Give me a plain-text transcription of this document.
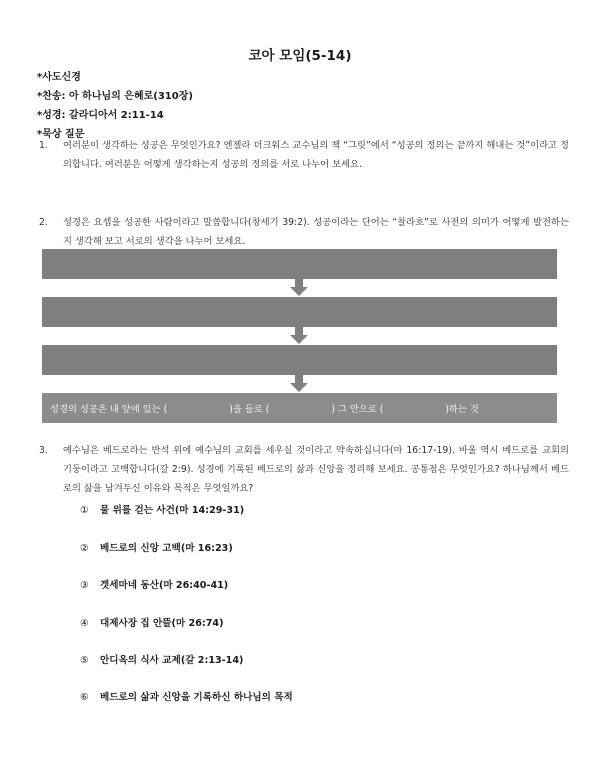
코아 모임(5-14)
*사도신경
*찬송: 아 하나님의 은혜로(310장)
*성경: 갈라디아서 2:11-14
*묵상 질문
1. 여러분이 생각하는 성공은 무엇인가요? 엔젤라 더크워스 교수님의 책 “그릿”에서 “성공의 정의는 끝까지 해내는 것”이라고 정의합니다. 여러분은 어떻게 생각하는지 성공의 정의를 서로 나누어 보세요.
2. 성경은 요셉을 성공한 사람이라고 말씀합니다(창세기 39:2). 성공이라는 단어는 “찰라흐”로 사전의 의미가 어떻게 발전하는지 생각해 보고 서로의 생각을 나누어 보세요.
성경의 성공은 내 앞에 있는 (	)을 들로 (	) 그 안으로 (	)하는 것
3. 예수님은 베드로라는 반석 위에 예수님의 교회를 세우실 것이라고 약속하십니다(마 16:17-19). 바울 역시 베드로를 교회의 기둥이라고 고백합니다(갈 2:9). 성경에 기록된 베드로의 삶과 신앙을 정리해 보세요. 공통점은 무엇인가요? 하나님께서 베드로의 삶을 남겨두신 이유와 목적은 무엇일까요?
① 물 위를 걷는 사건(마 14:29-31)
② 베드로의 신앙 고백(마 16:23)
③ 겟세마네 동산(마 26:40-41)
④ 대제사장 집 안뜰(마 26:74)
⑤ 안디옥의 식사 교제(갈 2:13-14)
⑥ 베드로의 삶과 신앙을 기록하신 하나님의 목적
